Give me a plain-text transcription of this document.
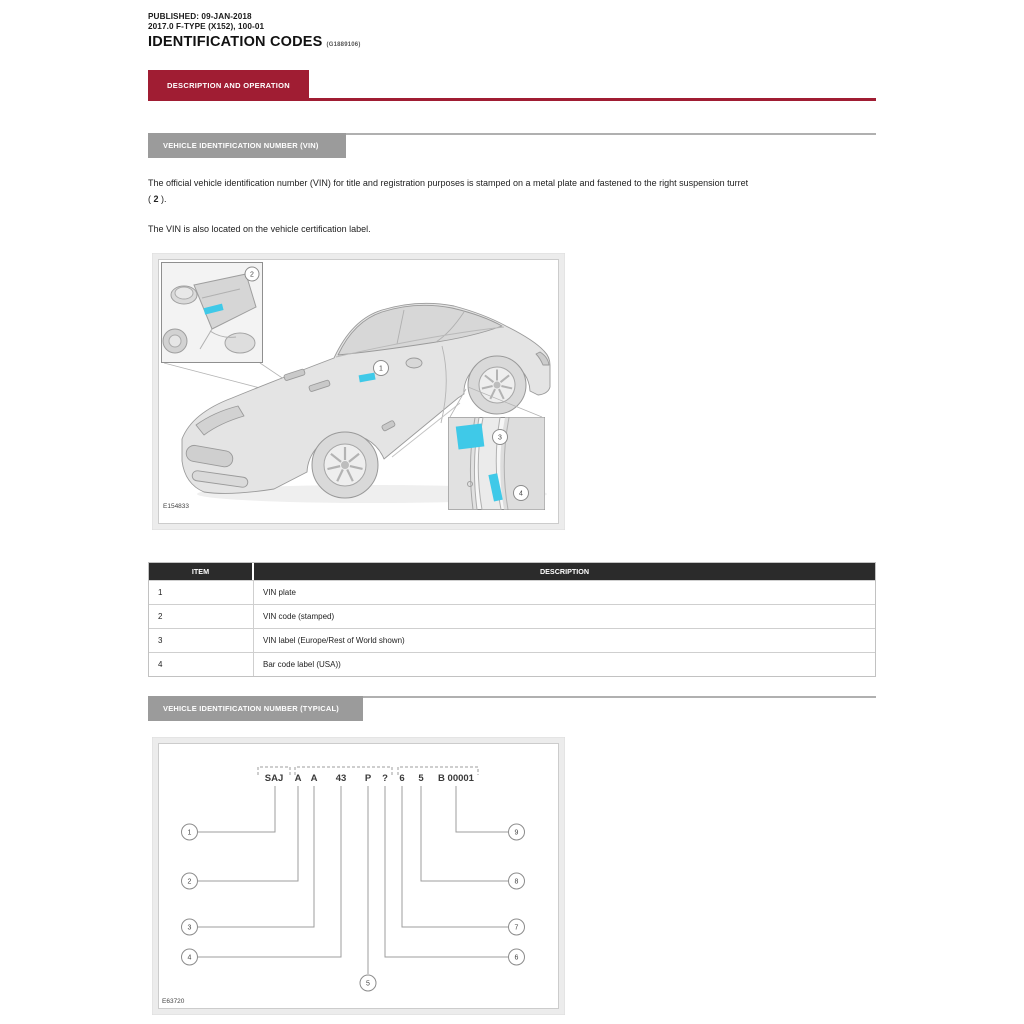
PUBLISHED: 09-JAN-2018
2017.0 F-TYPE (X152), 100-01
IDENTIFICATION CODES (G1889106)
DESCRIPTION AND OPERATION
VEHICLE IDENTIFICATION NUMBER (VIN)
The official vehicle identification number (VIN) for title and registration purposes is stamped on a metal plate and fastened to the right suspension turret
( 2 ).
The VIN is also located on the vehicle certification label.
2
3
4
1
E154833
ITEM	DESCRIPTION
1	VIN plate
2	VIN code (stamped)
3	VIN label (Europe/Rest of World shown)
4	Bar code label (USA))
VEHICLE IDENTIFICATION NUMBER (TYPICAL)
SAJ A A 43 P ? 6 5 B 00001
1
2
3
4
5
6
7
8
9
E63720
